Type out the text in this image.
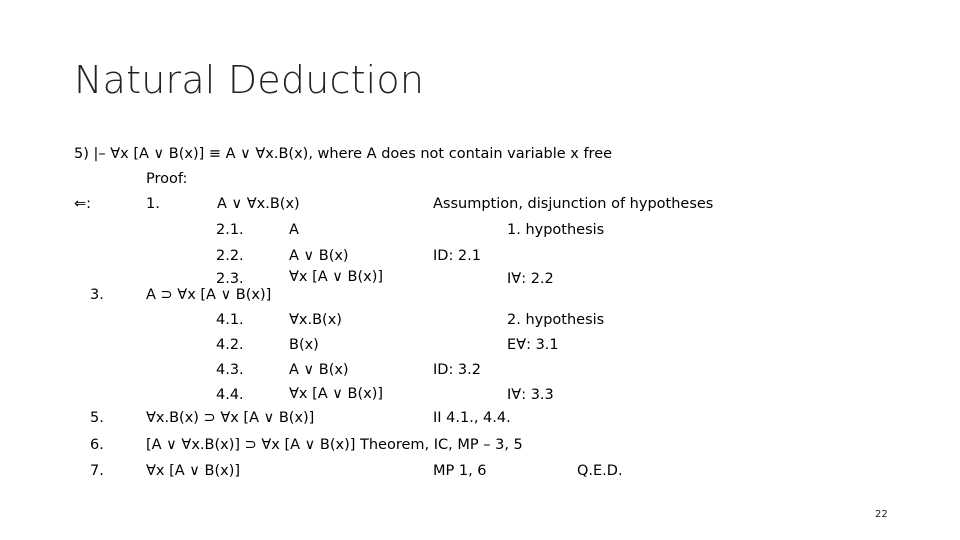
Natural Deduction
5) |– ∀x [A ∨ B(x)] ≡ A ∨ ∀x.B(x), where A does not contain variable x free
Proof:
⇐:	1.	A ∨ ∀x.B(x)	Assumption, disjunction of hypotheses
2.1.	A	1. hypothesis
2.2.	A ∨ B(x)	ID: 2.1
2.3.	∀x [A ∨ B(x)]	I∀: 2.2
3.	A ⊃ ∀x [A ∨ B(x)]
4.1.	∀x.B(x)	2. hypothesis
4.2.	B(x)	E∀: 3.1
4.3.	A ∨ B(x)	ID: 3.2
4.4.	∀x [A ∨ B(x)]	I∀: 3.3
5.	∀x.B(x) ⊃ ∀x [A ∨ B(x)]	II 4.1., 4.4.
6.	[A ∨ ∀x.B(x)] ⊃ ∀x [A ∨ B(x)] Theorem, IC, MP – 3, 5
7.	∀x [A ∨ B(x)]	MP 1, 6	Q.E.D.
22
